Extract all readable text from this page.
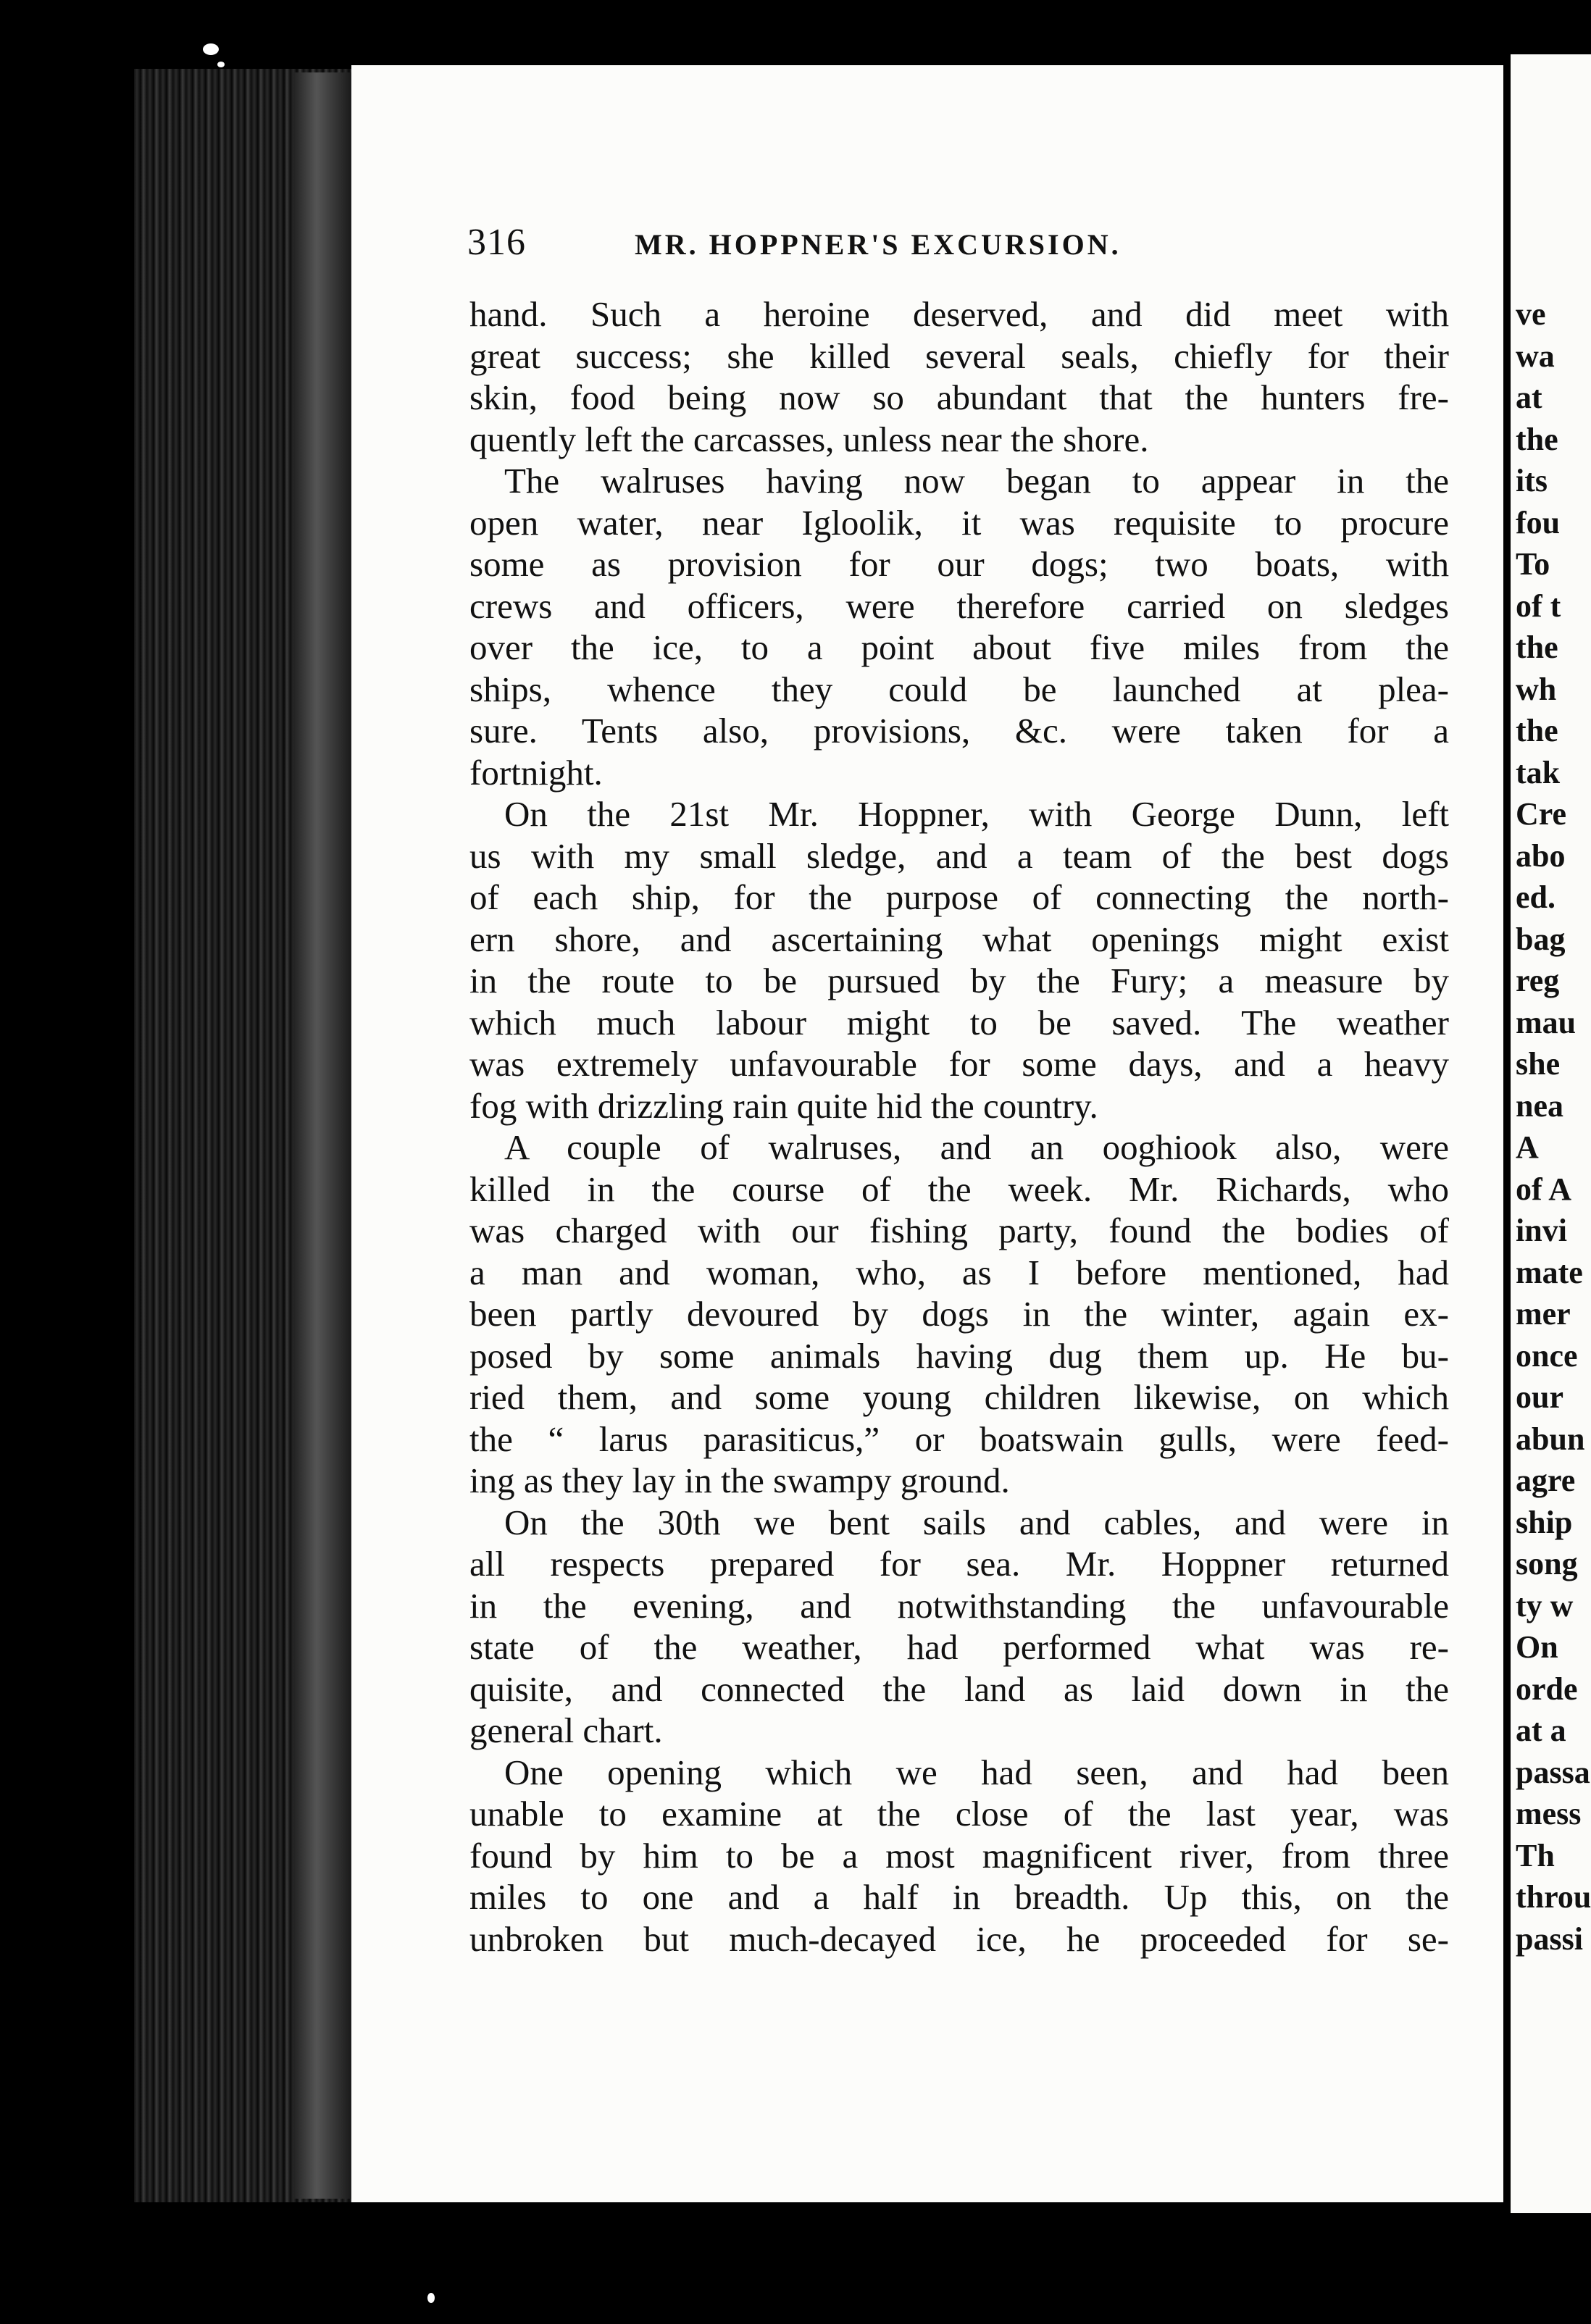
316	MR. HOPPNER'S EXCURSION.
hand. Such a heroine deserved, and did meet with
great success; she killed several seals, chiefly for their
skin, food being now so abundant that the hunters fre-
quently left the carcasses, unless near the shore.
The walruses having now began to appear in the
open water, near Igloolik, it was requisite to procure
some as provision for our dogs; two boats, with
crews and officers, were therefore carried on sledges
over the ice, to a point about five miles from the
ships, whence they could be launched at plea-
sure. Tents also, provisions, &c. were taken for a
fortnight.
On the 21st Mr. Hoppner, with George Dunn, left
us with my small sledge, and a team of the best dogs
of each ship, for the purpose of connecting the north-
ern shore, and ascertaining what openings might exist
in the route to be pursued by the Fury; a measure by
which much labour might to be saved. The weather
was extremely unfavourable for some days, and a heavy
fog with drizzling rain quite hid the country.
A couple of walruses, and an ooghiook also, were
killed in the course of the week. Mr. Richards, who
was charged with our fishing party, found the bodies of
a man and woman, who, as I before mentioned, had
been partly devoured by dogs in the winter, again ex-
posed by some animals having dug them up. He bu-
ried them, and some young children likewise, on which
the “ larus parasiticus,” or boatswain gulls, were feed-
ing as they lay in the swampy ground.
On the 30th we bent sails and cables, and were in
all respects prepared for sea. Mr. Hoppner returned
in the evening, and notwithstanding the unfavourable
state of the weather, had performed what was re-
quisite, and connected the land as laid down in the
general chart.
One opening which we had seen, and had been
unable to examine at the close of the last year, was
found by him to be a most magnificent river, from three
miles to one and a half in breadth. Up this, on the
unbroken but much-decayed ice, he proceeded for se-
ve
wa
at
the
its
fou
To
of t
the
wh
the
tak
Cre
abo
ed.
bag
reg
mau
she
nea
A
of A
invi
mate
mer
once
our
abun
agre
ship
song
ty w
On
orde
at a
passa
mess
Th
throu
passi
